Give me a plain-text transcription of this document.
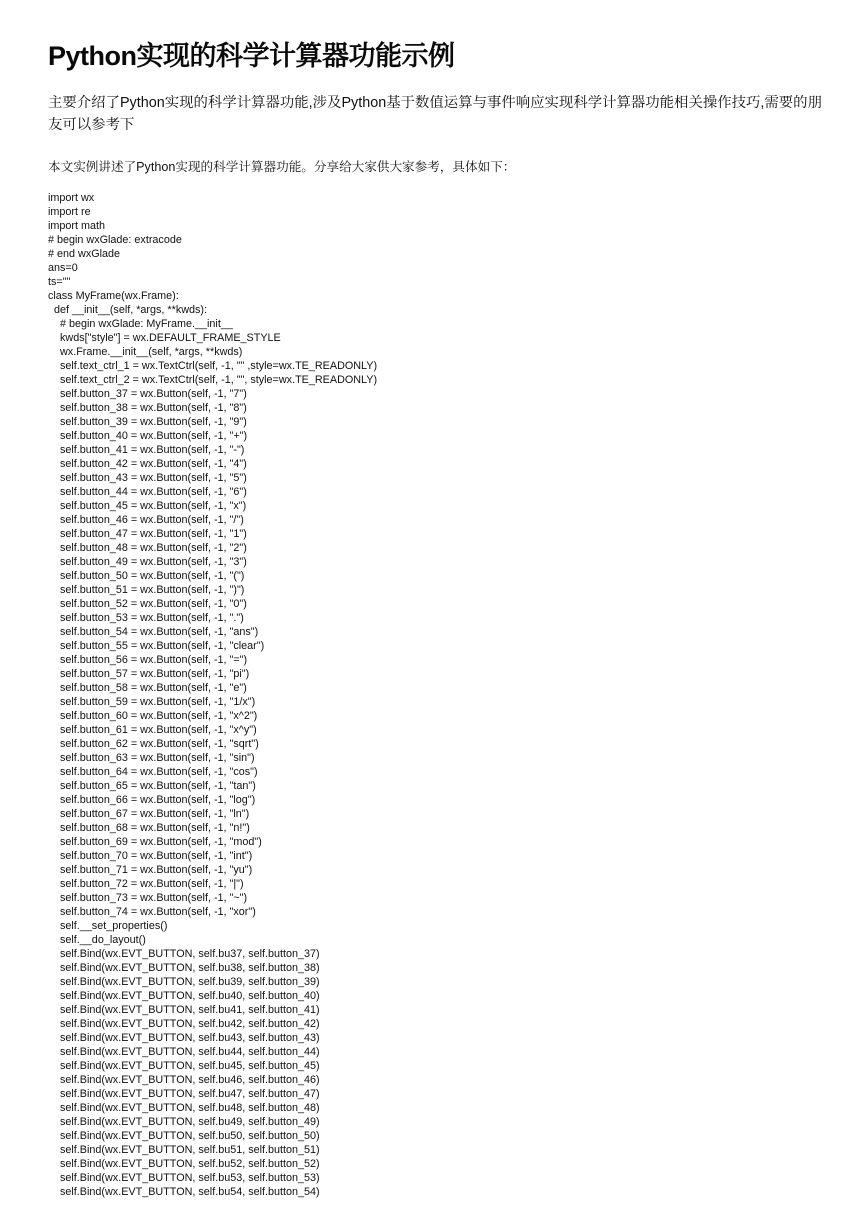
Python实现的科学计算器功能示例

主要介绍了Python实现的科学计算器功能,涉及Python基于数值运算与事件响应实现科学计算器功能相关操作技巧,需要的朋友可以参考下

本文实例讲述了Python实现的科学计算器功能。分享给大家供大家参考，具体如下：

import wx
import re
import math
# begin wxGlade: extracode
# end wxGlade
ans=0
ts=""
class MyFrame(wx.Frame):
def __init__(self, *args, **kwds):
# begin wxGlade: MyFrame.__init__
kwds["style"] = wx.DEFAULT_FRAME_STYLE
wx.Frame.__init__(self, *args, **kwds)
self.text_ctrl_1 = wx.TextCtrl(self, -1, "" ,style=wx.TE_READONLY)
self.text_ctrl_2 = wx.TextCtrl(self, -1, "", style=wx.TE_READONLY)
self.button_37 = wx.Button(self, -1, "7")
self.button_38 = wx.Button(self, -1, "8")
self.button_39 = wx.Button(self, -1, "9")
self.button_40 = wx.Button(self, -1, "+")
self.button_41 = wx.Button(self, -1, "-")
self.button_42 = wx.Button(self, -1, "4")
self.button_43 = wx.Button(self, -1, "5")
self.button_44 = wx.Button(self, -1, "6")
self.button_45 = wx.Button(self, -1, "x")
self.button_46 = wx.Button(self, -1, "/")
self.button_47 = wx.Button(self, -1, "1")
self.button_48 = wx.Button(self, -1, "2")
self.button_49 = wx.Button(self, -1, "3")
self.button_50 = wx.Button(self, -1, "(")
self.button_51 = wx.Button(self, -1, ")")
self.button_52 = wx.Button(self, -1, "0")
self.button_53 = wx.Button(self, -1, ".")
self.button_54 = wx.Button(self, -1, "ans")
self.button_55 = wx.Button(self, -1, "clear")
self.button_56 = wx.Button(self, -1, "=")
self.button_57 = wx.Button(self, -1, "pi")
self.button_58 = wx.Button(self, -1, "e")
self.button_59 = wx.Button(self, -1, "1/x")
self.button_60 = wx.Button(self, -1, "x^2")
self.button_61 = wx.Button(self, -1, "x^y")
self.button_62 = wx.Button(self, -1, "sqrt")
self.button_63 = wx.Button(self, -1, "sin")
self.button_64 = wx.Button(self, -1, "cos")
self.button_65 = wx.Button(self, -1, "tan")
self.button_66 = wx.Button(self, -1, "log")
self.button_67 = wx.Button(self, -1, "ln")
self.button_68 = wx.Button(self, -1, "n!")
self.button_69 = wx.Button(self, -1, "mod")
self.button_70 = wx.Button(self, -1, "int")
self.button_71 = wx.Button(self, -1, "yu")
self.button_72 = wx.Button(self, -1, "|")
self.button_73 = wx.Button(self, -1, "~")
self.button_74 = wx.Button(self, -1, "xor")
self.__set_properties()
self.__do_layout()
self.Bind(wx.EVT_BUTTON, self.bu37, self.button_37)
self.Bind(wx.EVT_BUTTON, self.bu38, self.button_38)
self.Bind(wx.EVT_BUTTON, self.bu39, self.button_39)
self.Bind(wx.EVT_BUTTON, self.bu40, self.button_40)
self.Bind(wx.EVT_BUTTON, self.bu41, self.button_41)
self.Bind(wx.EVT_BUTTON, self.bu42, self.button_42)
self.Bind(wx.EVT_BUTTON, self.bu43, self.button_43)
self.Bind(wx.EVT_BUTTON, self.bu44, self.button_44)
self.Bind(wx.EVT_BUTTON, self.bu45, self.button_45)
self.Bind(wx.EVT_BUTTON, self.bu46, self.button_46)
self.Bind(wx.EVT_BUTTON, self.bu47, self.button_47)
self.Bind(wx.EVT_BUTTON, self.bu48, self.button_48)
self.Bind(wx.EVT_BUTTON, self.bu49, self.button_49)
self.Bind(wx.EVT_BUTTON, self.bu50, self.button_50)
self.Bind(wx.EVT_BUTTON, self.bu51, self.button_51)
self.Bind(wx.EVT_BUTTON, self.bu52, self.button_52)
self.Bind(wx.EVT_BUTTON, self.bu53, self.button_53)
self.Bind(wx.EVT_BUTTON, self.bu54, self.button_54)
